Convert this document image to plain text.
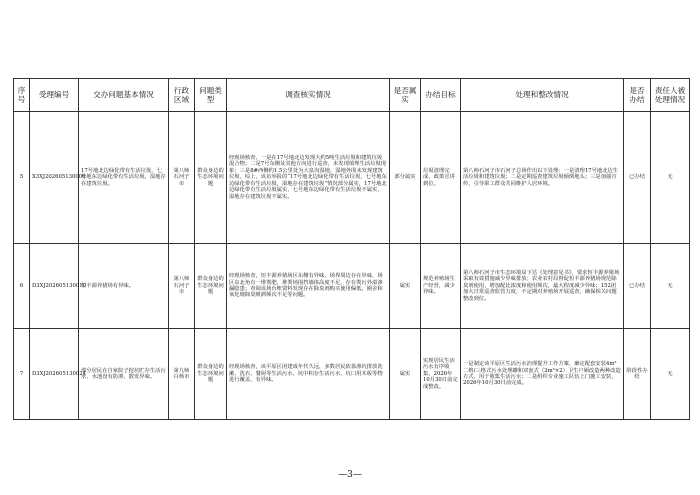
序号	受理编号	交办问题基本情况	行政区域	问题类型	调查核实情况	是否属实	办结目标	处理和整改情况	是否办结	责任人被处理情况
5	X3XJ202605130006	17号地北边绿化带有生活垃圾，七号地东边绿化带有生活垃圾，湿地存在建筑垃圾。	第八师石河子市	群众身边的生态环境问题	经现场核查，一是在17号地北边发现大约5吨生活垃圾和建筑垃圾混合物；二是7号东侧及其他方向进行巡查，未发现填埋生活垃圾现象；三是8#西侧约1.5公里处为大泉沟湿地，湿地外围未发现建筑垃圾，综上，该访举报的“17号地北边绿化带有生活垃圾，七号地东边绿化带有生活垃圾，湿地存在建筑垃圾”情况部分属实，17号地北边绿化带有生活垃圾属实，七号地东边绿化带有生活垃圾不属实，湿地存在建筑垃圾不属实。	部分属实	垃圾清理完成，政策宣讲到位。	第八师石河子市石河子总场作出以下处理：一是清理17号地北边生活垃圾和建筑垃圾；二是定期巡查建筑垃圾倾倒地头；三是加强宣传，引导职工群众共同维护人居环境。	已办结	无
6	D3XJ202605130010	恒丰源养猪场有异味。	第八师石河子市	群众身边的生态环境问题	经现场核查，恒丰源养猪场区东侧有异味，场界周边存在异味，场区东北角有一堆粪肥，堆粪场围挡墙体高度不足，存在粪污外溢渗漏隐患；查阅该场台账资料发现存在除臭剂购买使用偏低，圈舍和氧化塘除臭喷洒频次不足等问题。	属实	规范养殖场生产经营，减少异味。	第八师石河子市生态环境局下达《处理意见书》，要求恒丰源养猪场采取有效措施减少异味排放；农业农村局督促恒丰源养猪场规范除臭剂使用，增加配比浓度和使用频次，最大程度减少异味；152团加大日常巡查监管力度，不定期对养殖场开展巡查，确保相关问题整改到位。	已办结	无
7	D3XJ202605130024	部分居民在自家院子挖坑贮存生活污水，水池没有防渗，散发异味。	第九师白杨市	群众身边的生态环境问题	经现场核查，该平原区团建成年代久远，多数居民依靠渗坑排放洗漱、洗衣、餐厨等生活污水，坑中积存生活污水，坑口用木板等物进行覆盖，有异味。	属实	实现居民生活污水有序收集，2026年10月30日前完成整改。	一是制定该平原区生活污水治理提升工作方案，确定配套安装4m³二格/三格式污水处理罐和双瓮式（2m³×2）卫生户厕改造两种改造方式，用于收集生活污水；二是组织专业施工队伍上门施工安装，2026年10月30日前完成。	阶段性办结	无
—3—
